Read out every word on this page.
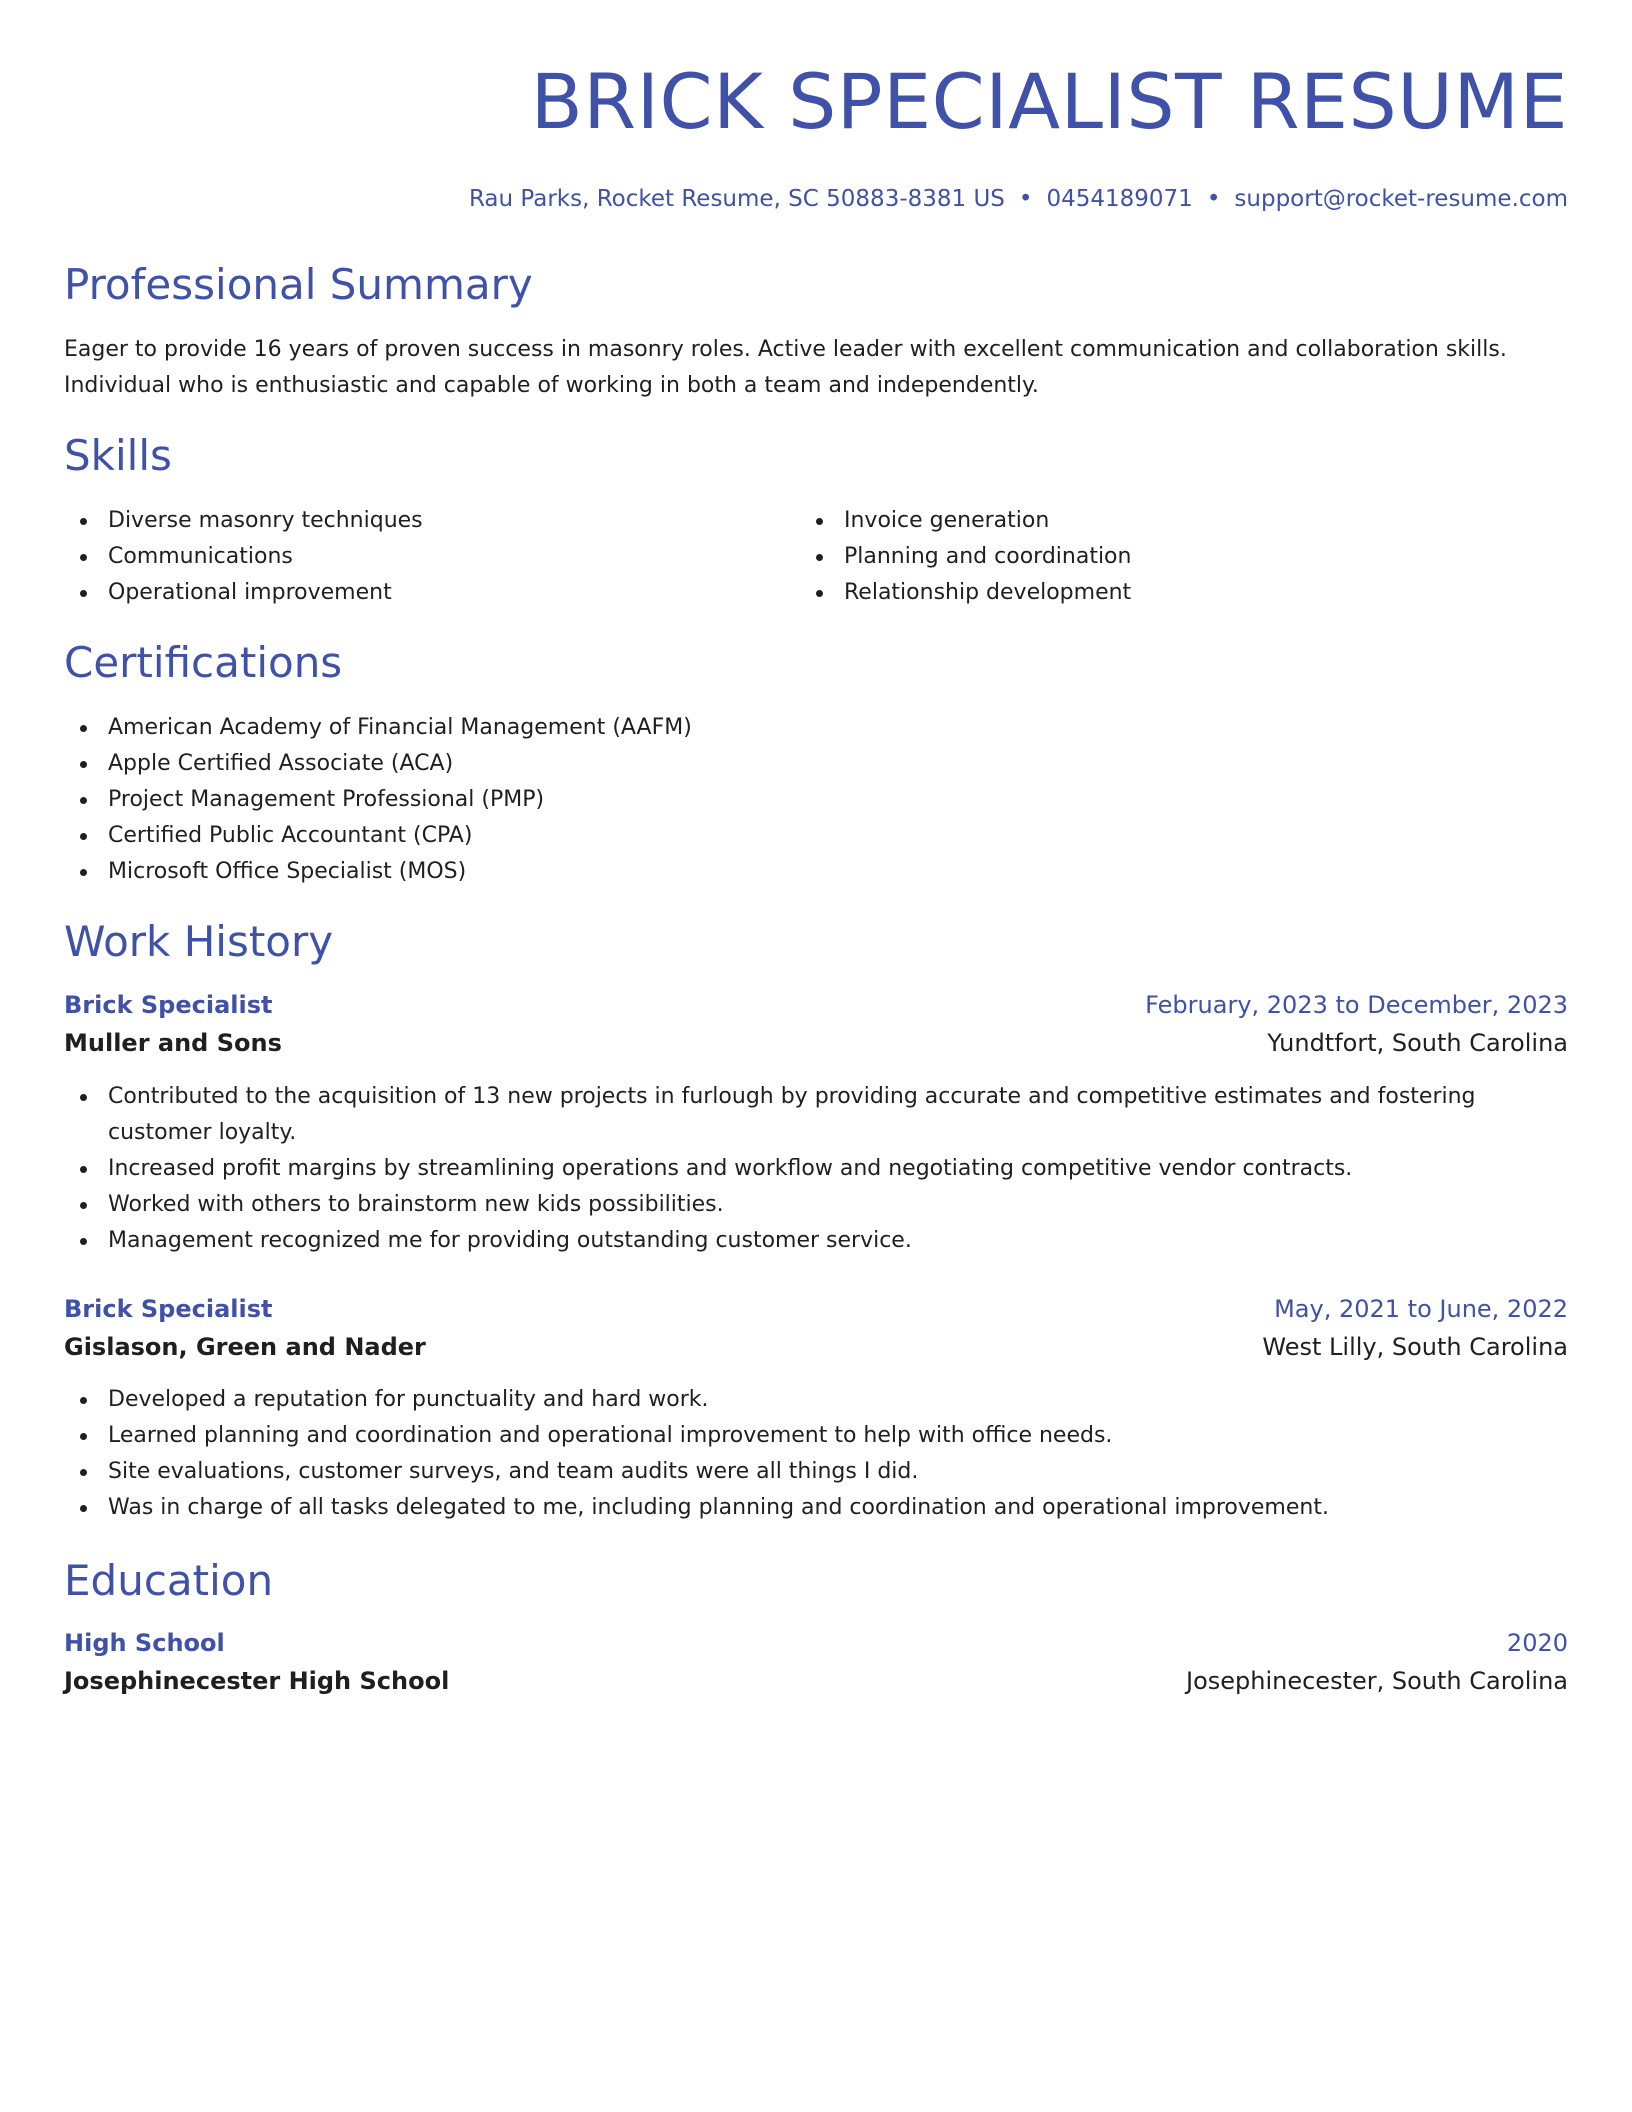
BRICK SPECIALIST RESUME
Rau Parks, Rocket Resume, SC 50883-8381 US • 0454189071 • support@rocket-resume.com
Professional Summary

Eager to provide 16 years of proven success in masonry roles. Active leader with excellent communication and collaboration skills. Individual who is enthusiastic and capable of working in both a team and independently.

Skills
Diverse masonry techniques
Communications
Operational improvement
Invoice generation
Planning and coordination
Relationship development
Certifications
American Academy of Financial Management (AAFM)
Apple Certified Associate (ACA)
Project Management Professional (PMP)
Certified Public Accountant (CPA)
Microsoft Office Specialist (MOS)
Work History
Brick Specialist	February, 2023 to December, 2023
Muller and Sons	Yundtfort, South Carolina
Contributed to the acquisition of 13 new projects in furlough by providing accurate and competitive estimates and fostering customer loyalty.
Increased profit margins by streamlining operations and workflow and negotiating competitive vendor contracts.
Worked with others to brainstorm new kids possibilities.
Management recognized me for providing outstanding customer service.
Brick Specialist	May, 2021 to June, 2022
Gislason, Green and Nader	West Lilly, South Carolina
Developed a reputation for punctuality and hard work.
Learned planning and coordination and operational improvement to help with office needs.
Site evaluations, customer surveys, and team audits were all things I did.
Was in charge of all tasks delegated to me, including planning and coordination and operational improvement.
Education
High School	2020
Josephinecester High School	Josephinecester, South Carolina
